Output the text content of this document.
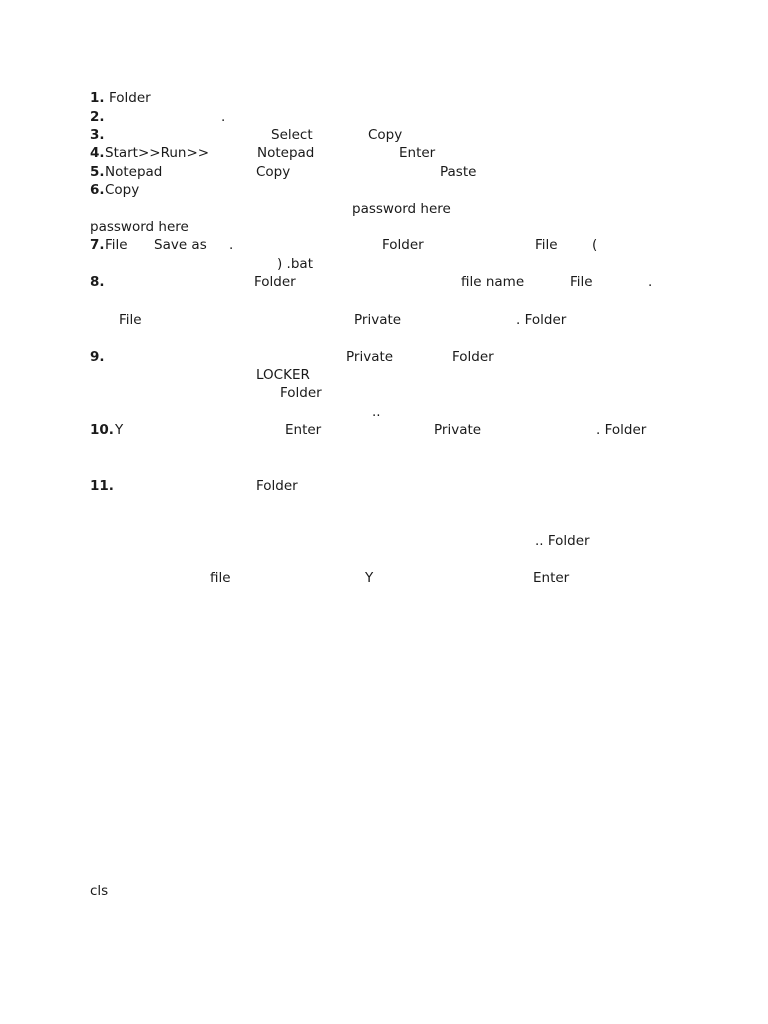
1. Folder
2.	.
3.	Select	Copy
4. Start>>Run>>	Notepad	Enter
5. Notepad	Copy	Paste
6. Copy
password here
password here
7. File Save as .	Folder	File	(
) .bat
8.	Folder	file name	File	.
File	Private	. Folder
9.	Private	Folder
LOCKER
Folder
..
10. Y	Enter	Private	. Folder
11.	Folder
.. Folder
file	Y	Enter
cls
